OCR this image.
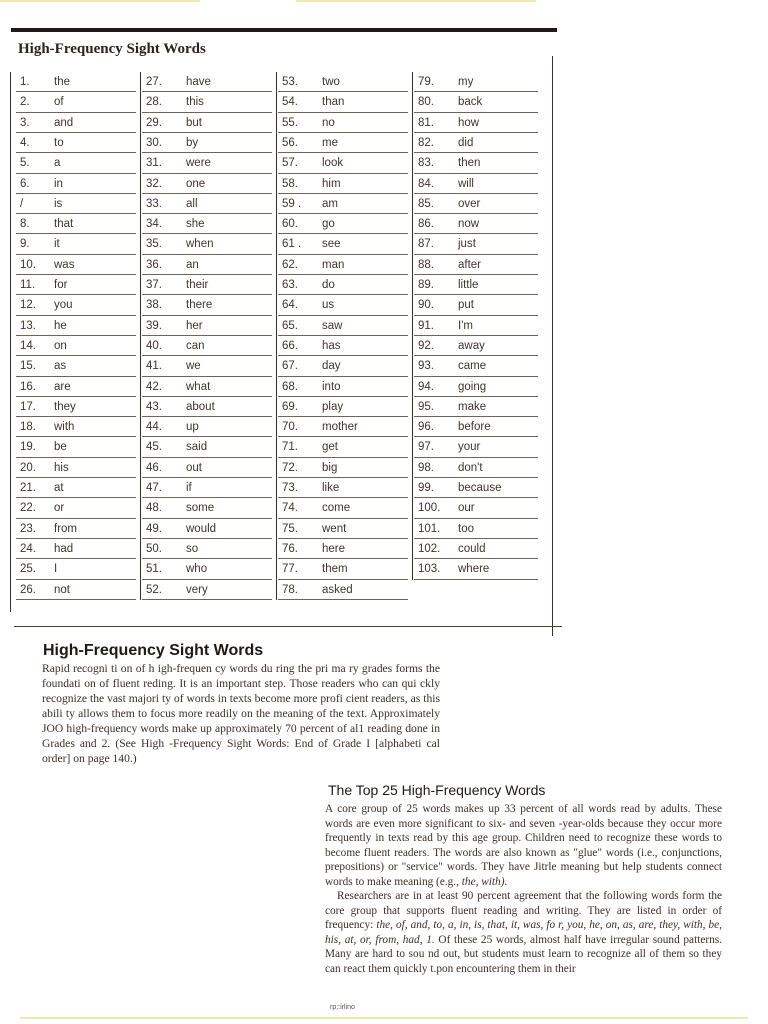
High-Frequency Sight Words
1. the
2. of
3. and
4. to
5. a
6. in
/	is
8. that
9. it
10. was
11. for
12. you
13. he
14. on
15. as
16. are
17. they
18. with
19. be
20. his
21. at
22. or
23. from
24. had
25. I
26. not
27. have
28. this
29. but
30. by
31. were
32. one
33. all
34. she
35. when
36. an
37. their
38. there
39. her
40. can
41. we
42. what
43. about
44. up
45. said
46. out
47. if
48. some
49. would
50. so
51. who
52. very
53. two
54. than
55. no
56. me
57. look
58. him
59 . am
60. go
61 . see
62. man
63. do
64. us
65. saw
66. has
67. day
68. into
69. play
70. mother
71. get
72. big
73. like
74. come
75. went
76. here
77. them
78. asked
79. my
80. back
81. how
82. did
83. then
84. will
85. over
86. now
87. just
88. after
89. little
90. put
91. I'm
92. away
93. came
94. going
95. make
96. before
97. your
98. don't
99. because
100. our
101. too
102. could
103. where
High-Frequency Sight Words

Rapid recogni ti on of h igh-frequen cy words du ring the pri ma ry grades forms the foundati on of fluent reding. It is an important step. Those readers who can qui ckly recognize the vast majori ty of words in texts become more profi cient readers, as this abili ty allows them to focus more readily on the meaning of the text. Approximately JOO high-frequency words make up approximately 70 percent of al1 reading done in Grades and 2. (See High -Frequency Sight Words: End of Grade I [alphabeti cal order] on page 140.)

The Top 25 High-Frequency Words

A core group of 25 words makes up 33 percent of all words read by adults. These words are even more significant to six- and seven -year-olds because they occur more frequently in texts read by this age group. Children need to recognize these words to become fluent readers. The words are also known as "glue" words (i.e., conjunctions, prepositions) or "service" words. They have Jitrle meaning but help students connect words to make meaning (e.g., the, with).

Researchers are in at least 90 percent agreement that the following words form the core group that supports fluent reading and writing. They are listed in order of frequency: the, of, and, to, a, in, is, that, it, was, fo r, you, he, on, as, are, they, with, be, his, at, or, from, had, 1. Of these 25 words, almost half have irregular sound patterns. Many are hard to sou nd out, but students must learn to recognize all of them so they can react them quickly t.pon encountering them in their

rp;:irlino
